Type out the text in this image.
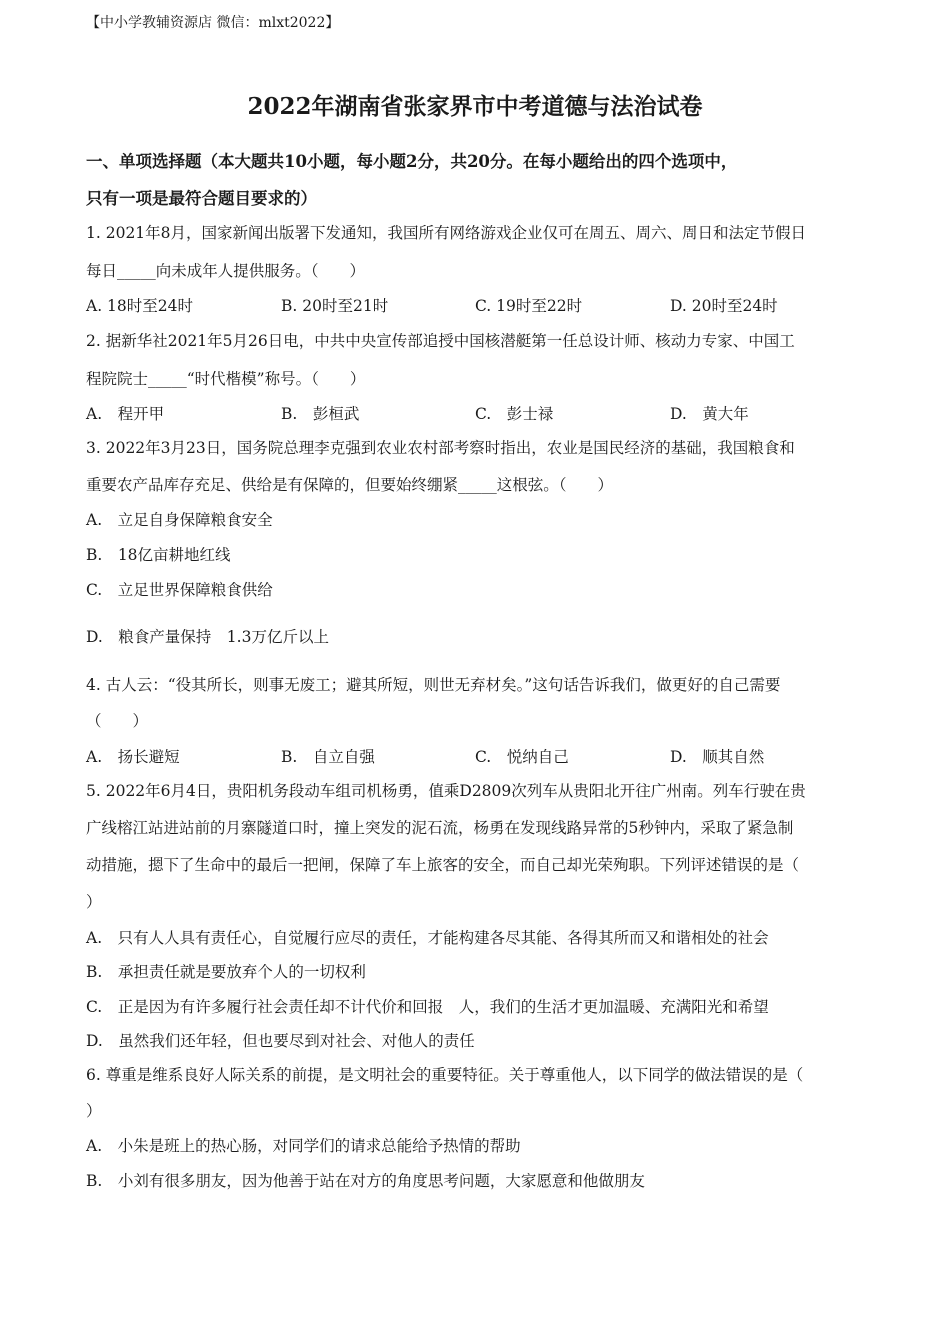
【中小学教辅资源店 微信：mlxt2022】
2022年湖南省张家界市中考道德与法治试卷
一、单项选择题（本大题共10小题，每小题2分，共20分。在每小题给出的四个选项中，
只有一项是最符合题目要求的）
1. 2021年8月，国家新闻出版署下发通知，我国所有网络游戏企业仅可在周五、周六、周日和法定节假日
每日_____向未成年人提供服务。（　　）
A. 18时至24时	B. 20时至21时	C. 19时至22时	D. 20时至24时
2. 据新华社2021年5月26日电，中共中央宣传部追授中国核潜艇第一任总设计师、核动力专家、中国工
程院院士_____“时代楷模”称号。（　　）
A.　程开甲	B.　彭桓武	C.　彭士禄	D.　黄大年
3. 2022年3月23日，国务院总理李克强到农业农村部考察时指出，农业是国民经济的基础，我国粮食和
重要农产品库存充足、供给是有保障的，但要始终绷紧_____这根弦。（　　）
A.　立足自身保障粮食安全
B.　18亿亩耕地红线
C.　立足世界保障粮食供给
D.　粮食产量保持　1.3万亿斤以上
4. 古人云：“役其所长，则事无废工；避其所短，则世无弃材矣。”这句话告诉我们，做更好的自己需要
（　　）
A.　扬长避短	B.　自立自强	C.　悦纳自己	D.　顺其自然
5. 2022年6月4日，贵阳机务段动车组司机杨勇，值乘D2809次列车从贵阳北开往广州南。列车行驶在贵
广线榕江站进站前的月寨隧道口时，撞上突发的泥石流，杨勇在发现线路异常的5秒钟内，采取了紧急制
动措施，摁下了生命中的最后一把闸，保障了车上旅客的安全，而自己却光荣殉职。下列评述错误的是（
）
A.　只有人人具有责任心，自觉履行应尽的责任，才能构建各尽其能、各得其所而又和谐相处的社会
B.　承担责任就是要放弃个人的一切权利
C.　正是因为有许多履行社会责任却不计代价和回报　人，我们的生活才更加温暖、充满阳光和希望
D.　虽然我们还年轻，但也要尽到对社会、对他人的责任
6. 尊重是维系良好人际关系的前提，是文明社会的重要特征。关于尊重他人，以下同学的做法错误的是（
）
A.　小朱是班上的热心肠，对同学们的请求总能给予热情的帮助
B.　小刘有很多朋友，因为他善于站在对方的角度思考问题，大家愿意和他做朋友
